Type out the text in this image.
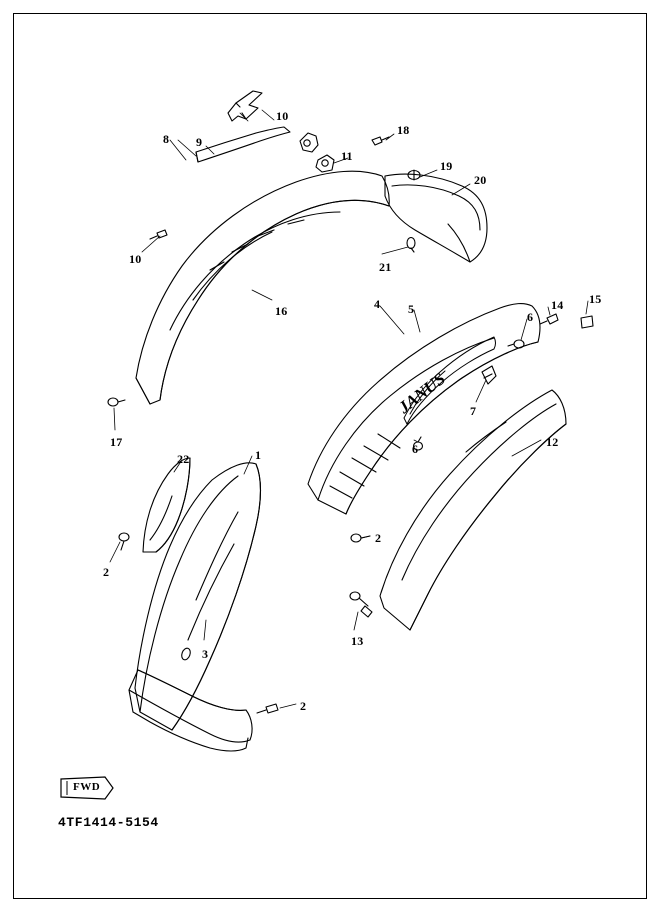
JANUS
FWD
4TF1414-5154
10
8 9
18
11
19
20
10
21
16	4 5	14 15
6
7
17	6	12
22	1
2
2
13
3
2
